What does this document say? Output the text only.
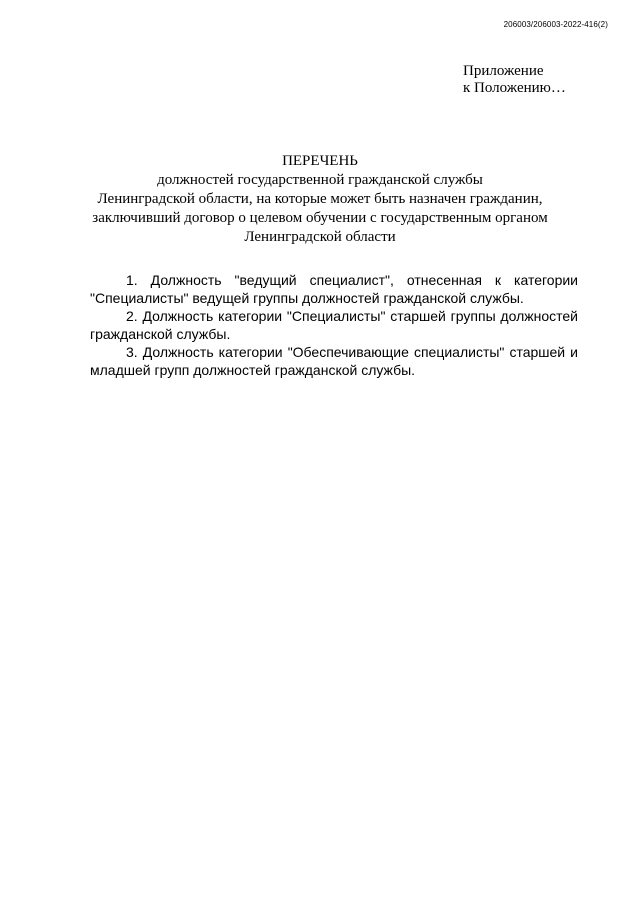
206003/206003-2022-416(2)
Приложение
к Положению…
ПЕРЕЧЕНЬ
должностей государственной гражданской службы
Ленинградской области, на которые может быть назначен гражданин,
заключивший договор о целевом обучении с государственным органом
Ленинградской области

1. Должность "ведущий специалист", отнесенная к категории "Специалисты" ведущей группы должностей гражданской службы.

2. Должность категории "Специалисты" старшей группы должностей гражданской службы.

3. Должность категории "Обеспечивающие специалисты" старшей и младшей групп должностей гражданской службы.
